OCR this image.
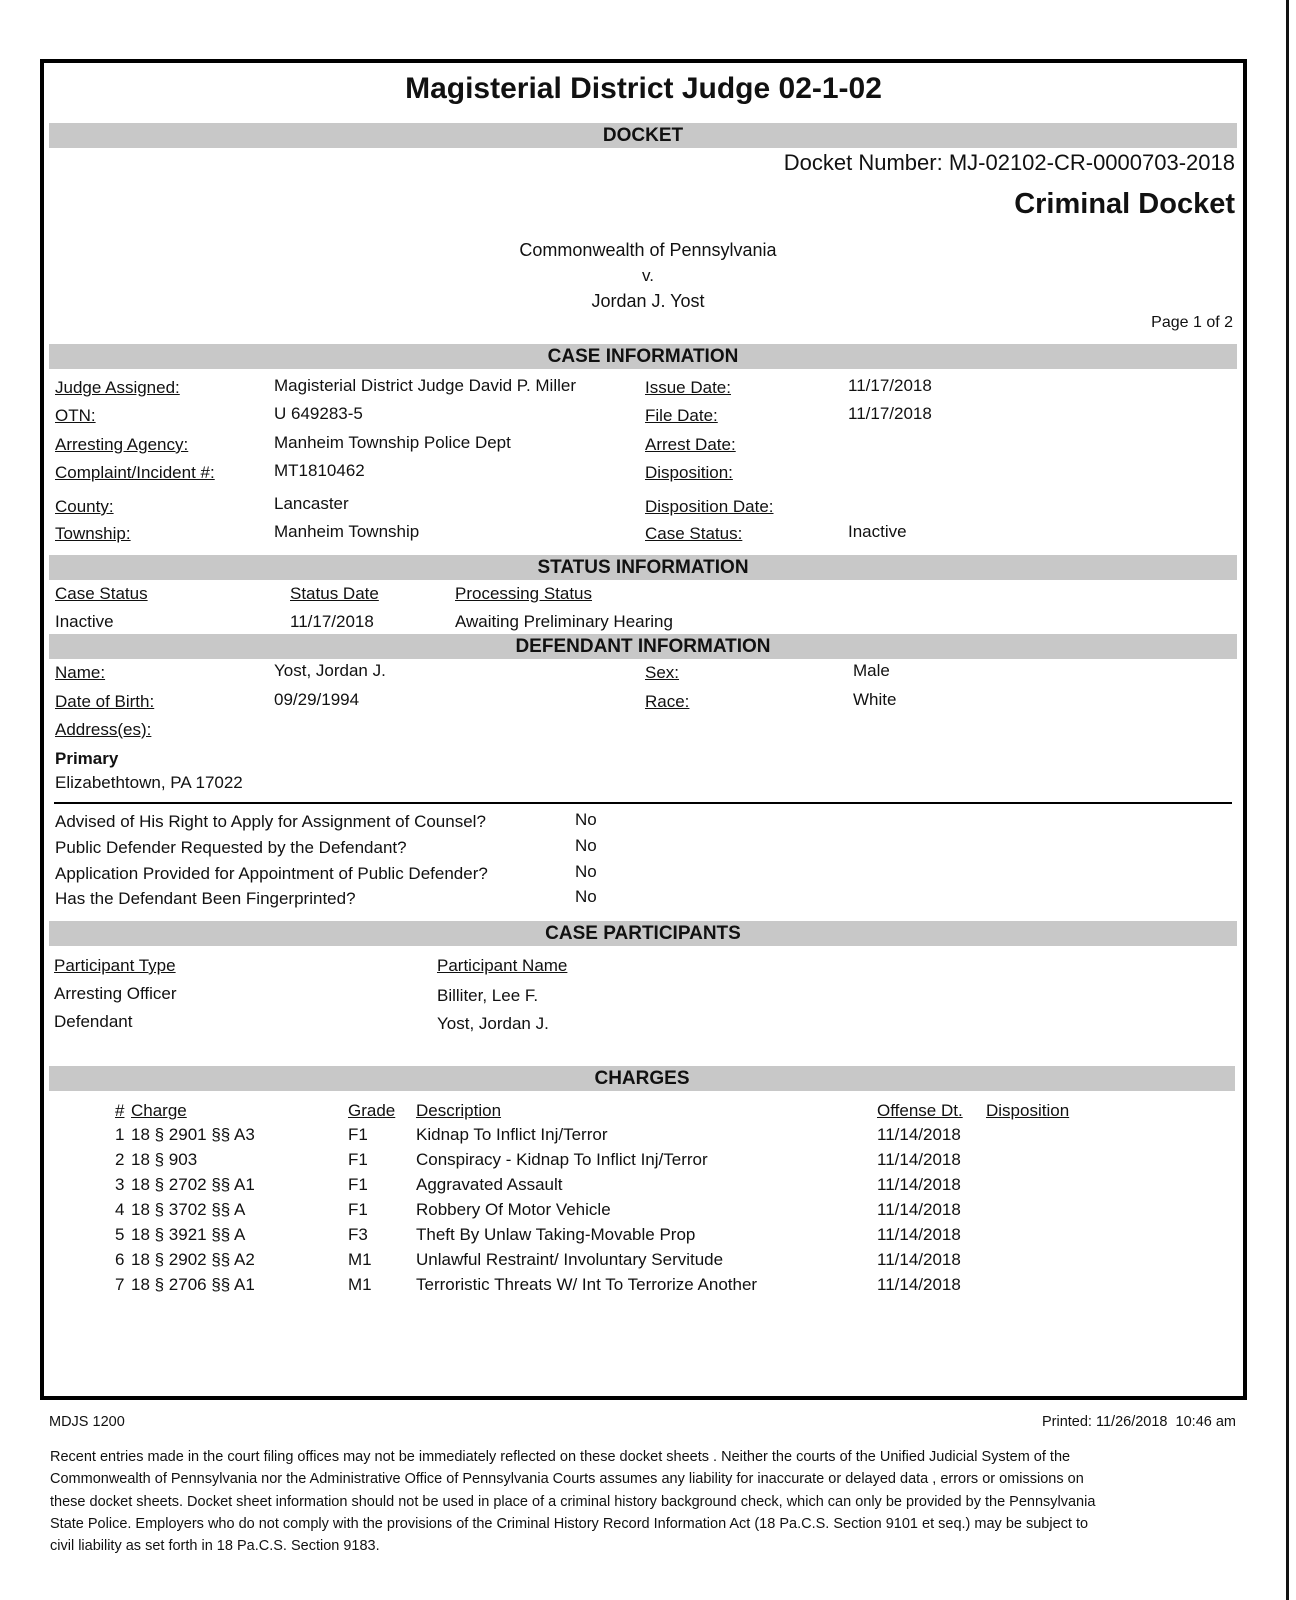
Magisterial District Judge 02-1-02
DOCKET
Docket Number: MJ-02102-CR-0000703-2018
Criminal Docket
Commonwealth of Pennsylvania
v.
Jordan J. Yost
Page 1 of 2
CASE INFORMATION
Judge Assigned:	Magisterial District Judge David P. Miller
OTN:	U 649283-5
Arresting Agency:	Manheim Township Police Dept
Complaint/Incident #:	MT1810462
County:	Lancaster
Township:	Manheim Township
Issue Date:	11/17/2018
File Date:	11/17/2018
Arrest Date:
Disposition:
Disposition Date:
Case Status:	Inactive
STATUS INFORMATION
Case Status	Status Date	Processing Status
Inactive	11/17/2018	Awaiting Preliminary Hearing
DEFENDANT INFORMATION
Name:	Yost, Jordan J.
Date of Birth:	09/29/1994
Sex:	Male
Race:	White
Address(es):
Primary
Elizabethtown, PA 17022
Advised of His Right to Apply for Assignment of Counsel?	No
Public Defender Requested by the Defendant?	No
Application Provided for Appointment of Public Defender?	No
Has the Defendant Been Fingerprinted?	No
CASE PARTICIPANTS
Participant Type	Participant Name
Arresting Officer	Billiter, Lee F.
Defendant	Yost, Jordan J.
CHARGES
# Charge	Grade Description	Offense Dt. Disposition
1 18 § 2901 §§ A3	F1	Kidnap To Inflict Inj/Terror	11/14/2018
2 18 § 903	F1	Conspiracy - Kidnap To Inflict Inj/Terror	11/14/2018
3 18 § 2702 §§ A1	F1	Aggravated Assault	11/14/2018
4 18 § 3702 §§ A	F1	Robbery Of Motor Vehicle	11/14/2018
5 18 § 3921 §§ A	F3	Theft By Unlaw Taking-Movable Prop	11/14/2018
6 18 § 2902 §§ A2	M1	Unlawful Restraint/ Involuntary Servitude	11/14/2018
7 18 § 2706 §§ A1	M1	Terroristic Threats W/ Int To Terrorize Another	11/14/2018
MDJS 1200	Printed: 11/26/2018  10:46 am
Recent entries made in the court filing offices may not be immediately reflected on these docket sheets . Neither the courts of the Unified Judicial System of the Commonwealth of Pennsylvania nor the Administrative Office of Pennsylvania Courts assumes any liability for inaccurate or delayed data , errors or omissions on these docket sheets. Docket sheet information should not be used in place of a criminal history background check, which can only be provided by the Pennsylvania State Police. Employers who do not comply with the provisions of the Criminal History Record Information Act (18 Pa.C.S. Section 9101 et seq.) may be subject to civil liability as set forth in 18 Pa.C.S. Section 9183.
